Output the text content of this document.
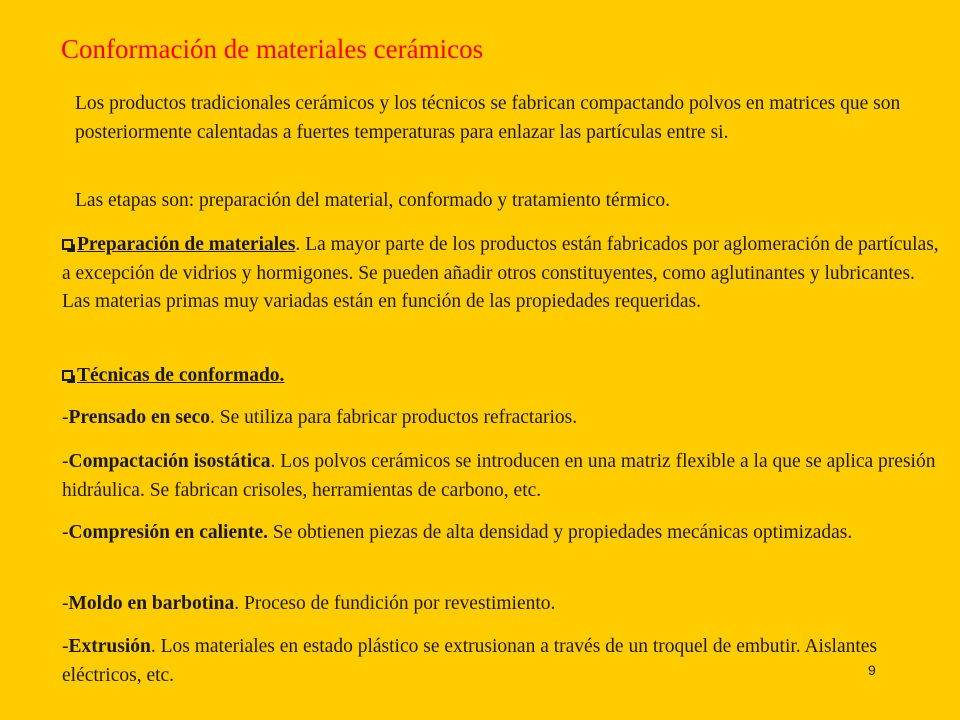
Conformación de materiales cerámicos

Los productos tradicionales cerámicos y los técnicos se fabrican compactando polvos en matrices que son posteriormente calentadas a fuertes temperaturas para enlazar las partículas entre si.

Las etapas son: preparación del material, conformado y tratamiento térmico.

Preparación de materiales. La mayor parte de los productos están fabricados por aglomeración de partículas, a excepción de vidrios y hormigones. Se pueden añadir otros constituyentes, como aglutinantes y lubricantes. Las materias primas muy variadas están en función de las propiedades requeridas.

Técnicas de conformado.

-Prensado en seco. Se utiliza para fabricar productos refractarios.

-Compactación isostática. Los polvos cerámicos se introducen en una matriz flexible a la que se aplica presión hidráulica. Se fabrican crisoles, herramientas de carbono, etc.

-Compresión en caliente. Se obtienen piezas de alta densidad y propiedades mecánicas optimizadas.

-Moldo en barbotina. Proceso de fundición por revestimiento.

-Extrusión. Los materiales en estado plástico se extrusionan a través de un troquel de embutir. Aislantes eléctricos, etc.	9
